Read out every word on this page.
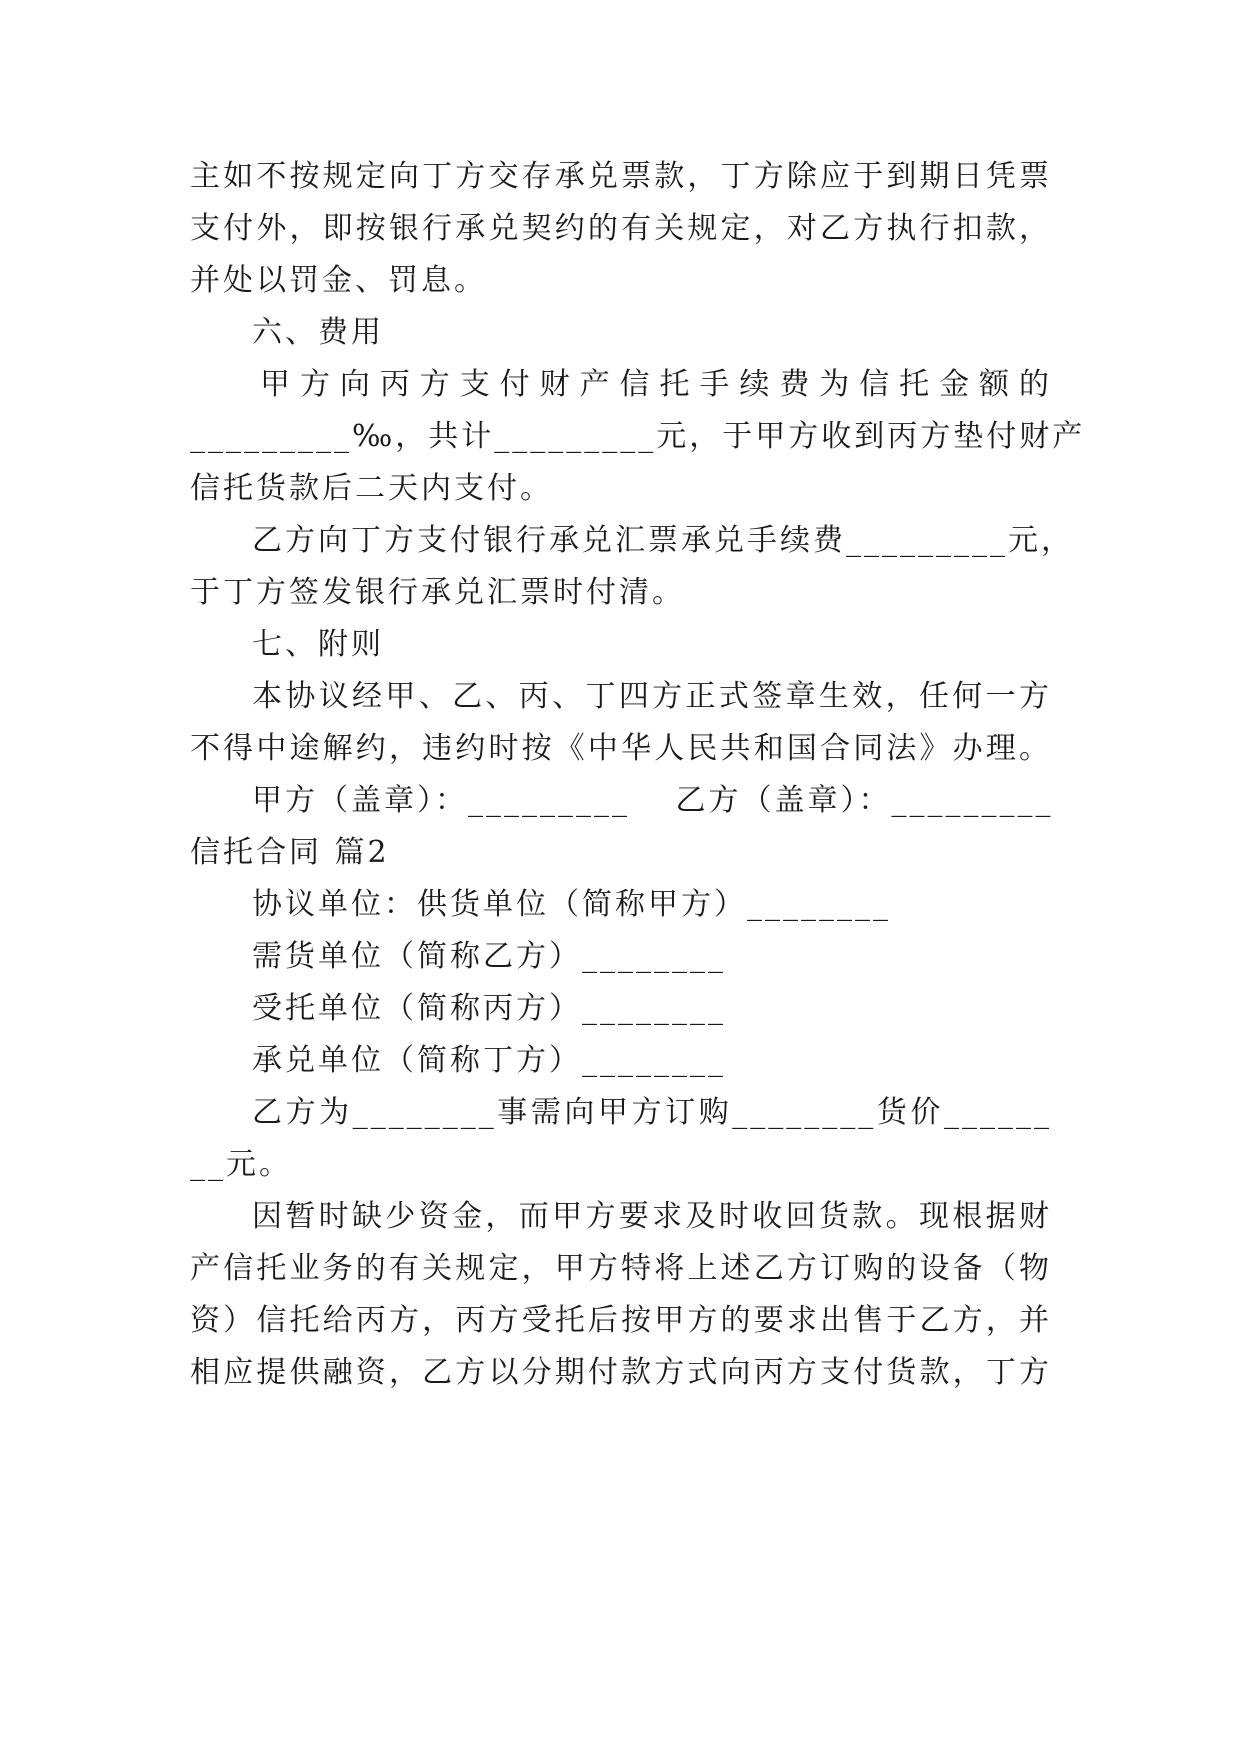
主如不按规定向丁方交存承兑票款，丁方除应于到期日凭票
支付外，即按银行承兑契约的有关规定，对乙方执行扣款，
并处以罚金、罚息。
六、费用
甲方向丙方支付财产信托手续费为信托金额的
_________‰，共计_________元，于甲方收到丙方垫付财产
信托货款后二天内支付。
乙方向丁方支付银行承兑汇票承兑手续费_________元，
于丁方签发银行承兑汇票时付清。
七、附则
本协议经甲、乙、丙、丁四方正式签章生效，任何一方
不得中途解约，违约时按《中华人民共和国合同法》办理。
甲方（盖章）：_________　 乙方（盖章）：_________
信托合同 篇2
协议单位：供货单位（简称甲方）________
需货单位（简称乙方）________
受托单位（简称丙方）________
承兑单位（简称丁方）________
乙方为________事需向甲方订购________货价______
__元。
因暂时缺少资金，而甲方要求及时收回货款。现根据财
产信托业务的有关规定，甲方特将上述乙方订购的设备（物
资）信托给丙方，丙方受托后按甲方的要求出售于乙方，并
相应提供融资，乙方以分期付款方式向丙方支付货款，丁方
